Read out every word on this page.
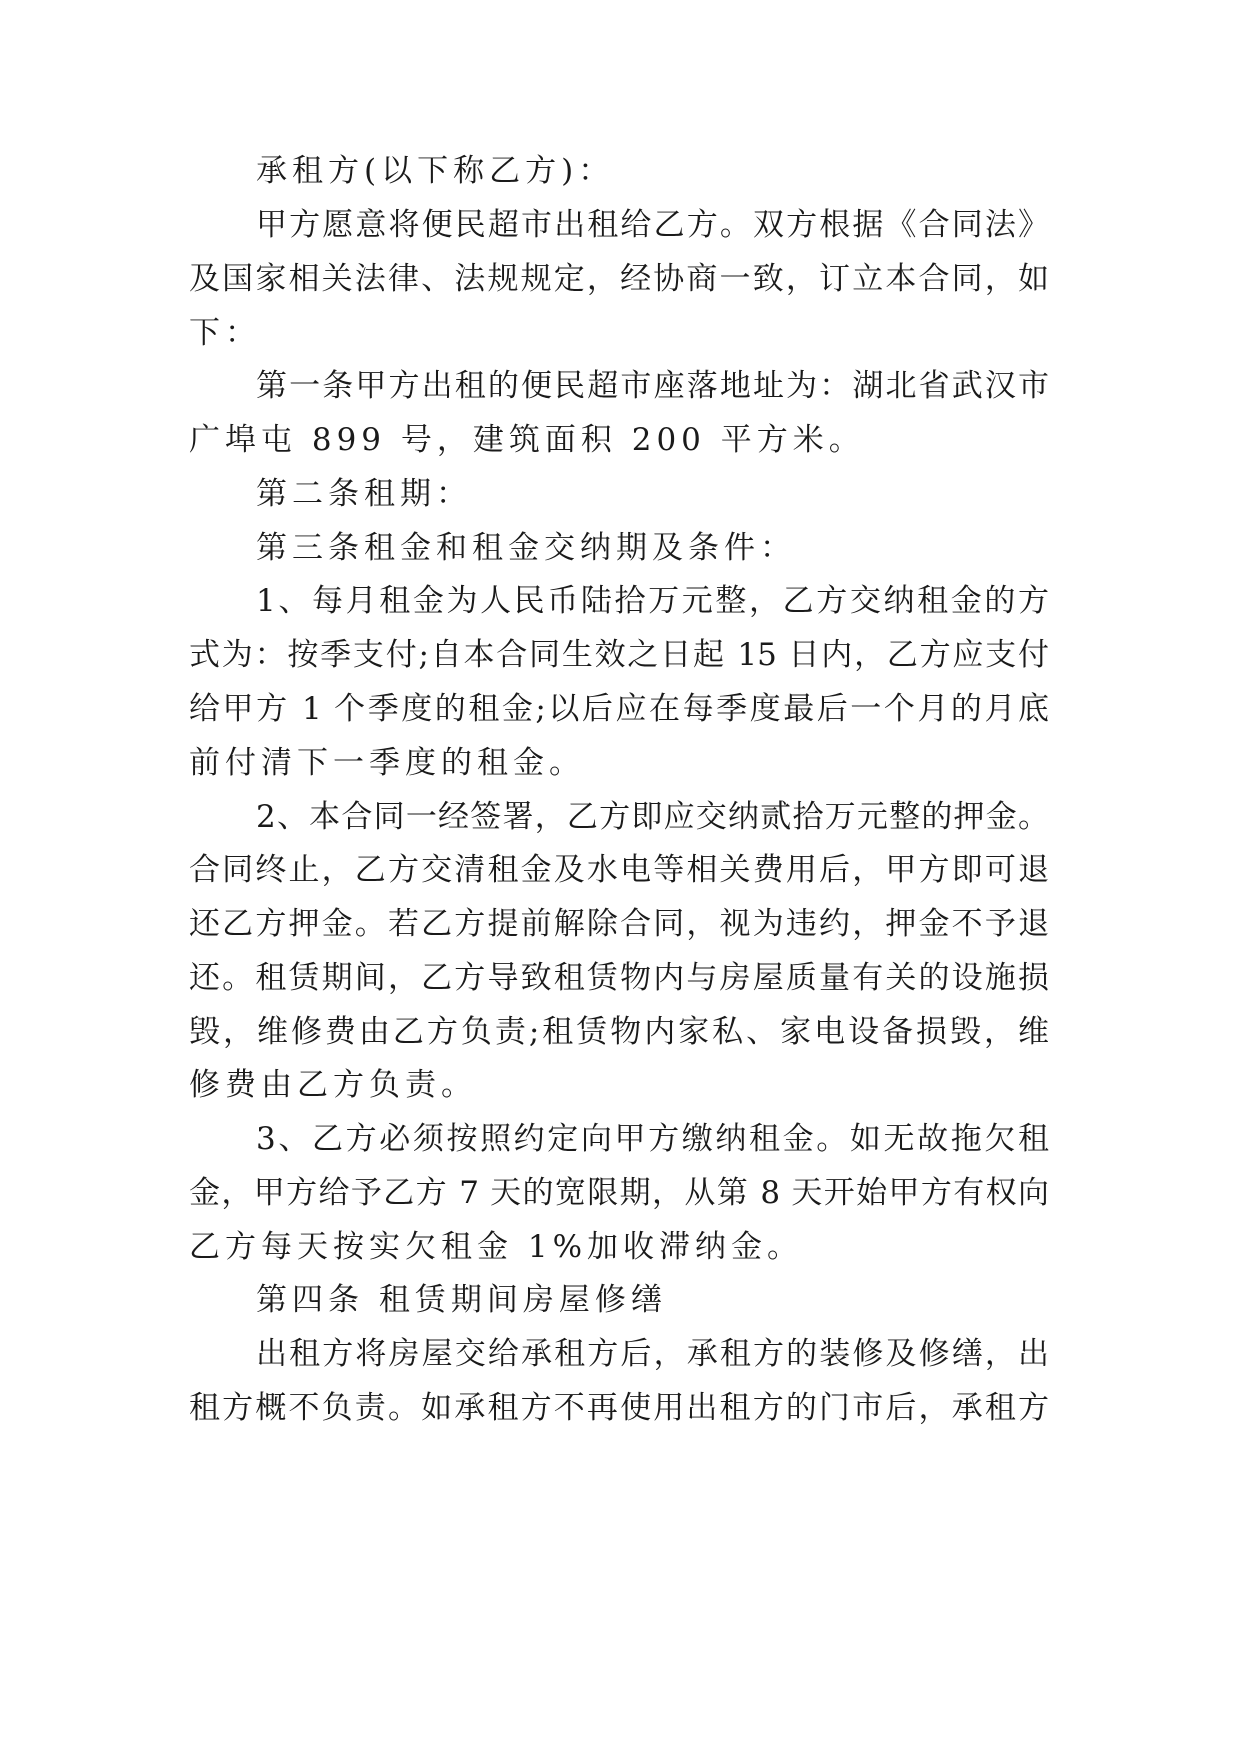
承租方(以下称乙方)：
甲方愿意将便民超市出租给乙方。双方根据《合同法》
及国家相关法律、法规规定，经协商一致，订立本合同，如
下：
第一条甲方出租的便民超市座落地址为：湖北省武汉市
广埠屯 899 号，建筑面积 200 平方米。
第二条租期：
第三条租金和租金交纳期及条件：
1、每月租金为人民币陆拾万元整，乙方交纳租金的方
式为：按季支付;自本合同生效之日起 15 日内，乙方应支付
给甲方 1 个季度的租金;以后应在每季度最后一个月的月底
前付清下一季度的租金。
2、本合同一经签署，乙方即应交纳贰拾万元整的押金。
合同终止，乙方交清租金及水电等相关费用后，甲方即可退
还乙方押金。若乙方提前解除合同，视为违约，押金不予退
还。租赁期间，乙方导致租赁物内与房屋质量有关的设施损
毁，维修费由乙方负责;租赁物内家私、家电设备损毁，维
修费由乙方负责。
3、乙方必须按照约定向甲方缴纳租金。如无故拖欠租
金，甲方给予乙方 7 天的宽限期，从第 8 天开始甲方有权向
乙方每天按实欠租金 1%加收滞纳金。
第四条 租赁期间房屋修缮
出租方将房屋交给承租方后，承租方的装修及修缮，出
租方概不负责。如承租方不再使用出租方的门市后，承租方
